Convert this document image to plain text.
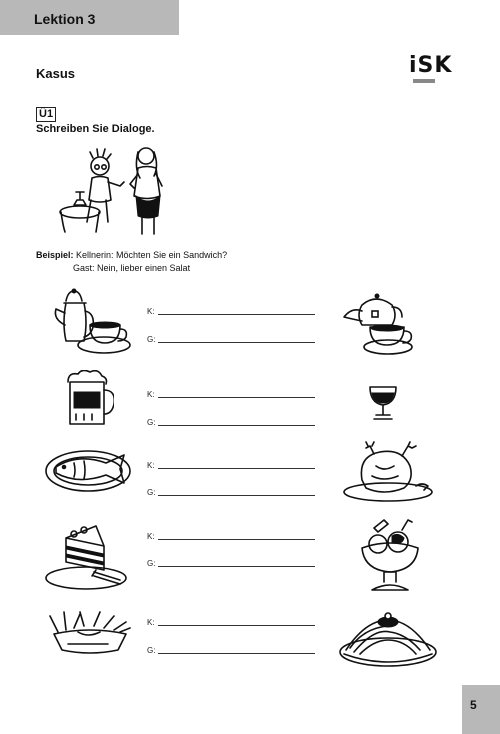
Lektion 3
Kasus	iSK
Ü1
Schreiben Sie Dialoge.
Beispiel: Kellnerin: Möchten Sie ein Sandwich?
Gast: Nein, lieber einen Salat
K:
G:
K:
G:
K:
G:
K:
G:
K:
G:
5
